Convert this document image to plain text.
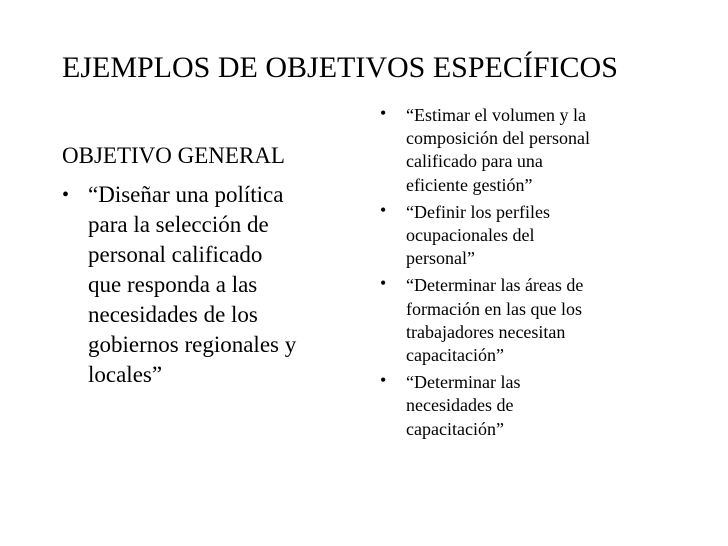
EJEMPLOS DE OBJETIVOS ESPECÍFICOS
OBJETIVO GENERAL
• “Diseñar una política
para la selección de
personal calificado
que responda a las
necesidades de los
gobiernos regionales y
locales”
• “Estimar el volumen y la
composición del personal
calificado para una
eficiente gestión”
• “Definir los perfiles
ocupacionales del
personal”
• “Determinar las áreas de
formación en las que los
trabajadores necesitan
capacitación”
• “Determinar las
necesidades de
capacitación”
